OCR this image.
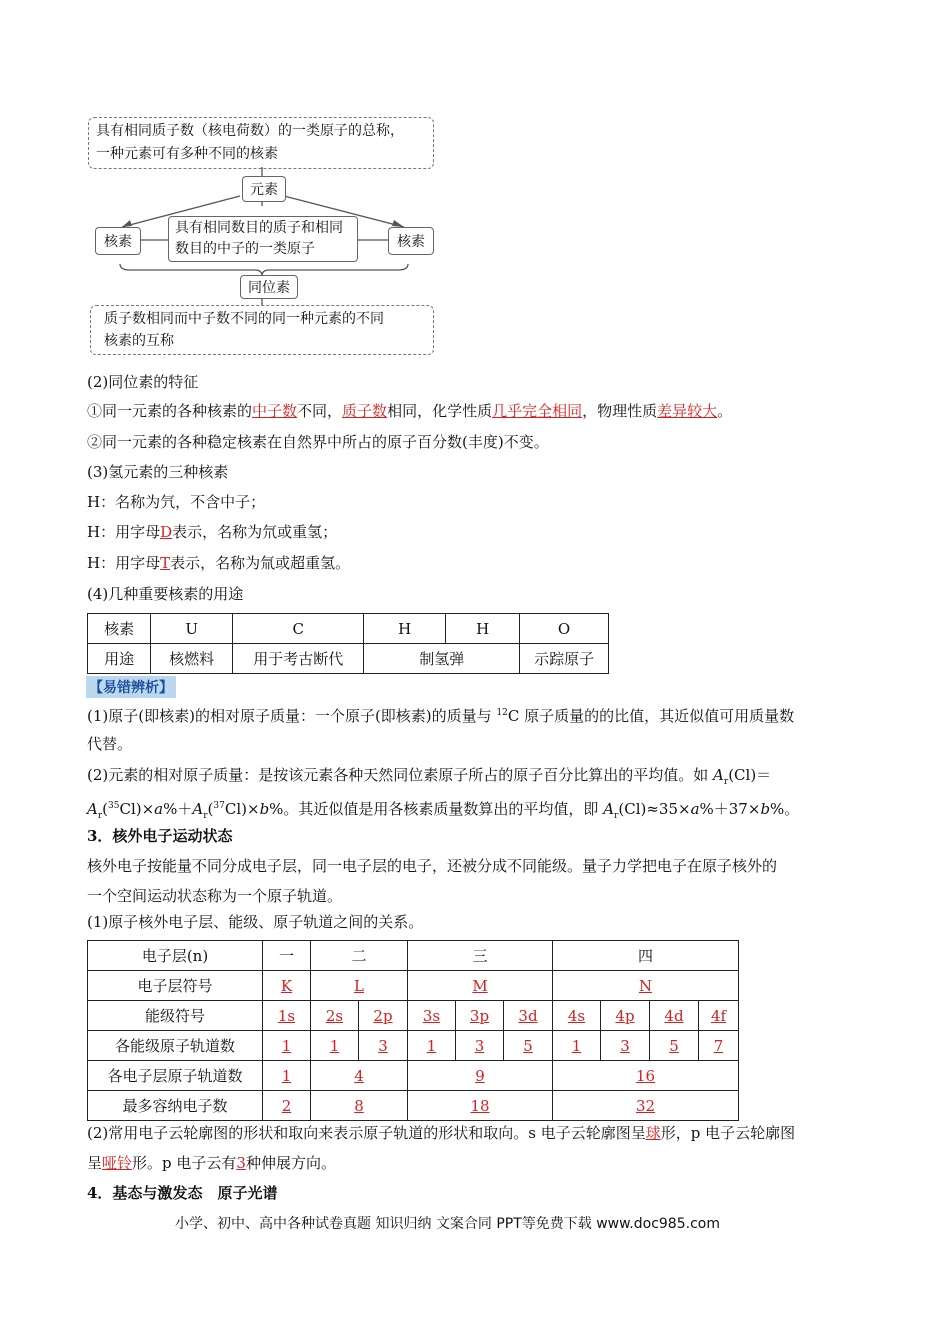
具有相同质子数（核电荷数）的一类原子的总称，
一种元素可有多种不同的核素
元素
核素
具有相同数目的质子和相同
数目的中子的一类原子	核素
同位素
质子数相同而中子数不同的同一种元素的不同
核素的互称
(2)同位素的特征
①同一元素的各种核素的中子数不同，质子数相同，化学性质几乎完全相同，物理性质差异较大。
②同一元素的各种稳定核素在自然界中所占的原子百分数(丰度)不变。
(3)氢元素的三种核素
H：名称为氕，不含中子；
H：用字母D表示，名称为氘或重氢；
H：用字母T表示，名称为氚或超重氢。
(4)几种重要核素的用途
核素	U	C	H	H	O
用途	核燃料	用于考古断代	制氢弹		示踪原子
【易错辨析】
(1)原子(即核素)的相对原子质量：一个原子(即核素)的质量与 $^{12}$C 原子质量的的比值，其近似值可用质量数
代替。
(2)元素的相对原子质量：是按该元素各种天然同位素原子所占的原子百分比算出的平均值。如 $A_r(Cl)=$
$A_r(^{35}Cl)\times a\%+A_r(^{37}Cl)\times b\%$。其近似值是用各核素质量数算出的平均值，即 $A_r(Cl)\approx 35\times a\%+37\times b\%$。
3．核外电子运动状态
核外电子按能量不同分成电子层，同一电子层的电子，还被分成不同能级。量子力学把电子在原子核外的
一个空间运动状态称为一个原子轨道。
(1)原子核外电子层、能级、原子轨道之间的关系。
电子层(n)	一	二		三			四			
电子层符号	K	L		M			N			
能级符号	1s	2s	2p	3s	3p	3d	4s	4p	4d	4f
各能级原子轨道数	1	1	3	1	3	5	1	3	5	7
各电子层原子轨道数	1	4		9			16			
最多容纳电子数	2	8		18			32			
(2)常用电子云轮廓图的形状和取向来表示原子轨道的形状和取向。s 电子云轮廓图呈球形，p 电子云轮廓图
呈哑铃形。p 电子云有3种伸展方向。
4．基态与激发态　原子光谱
小学、初中、高中各种试卷真题 知识归纳 文案合同 PPT等免费下载 www.doc985.com
